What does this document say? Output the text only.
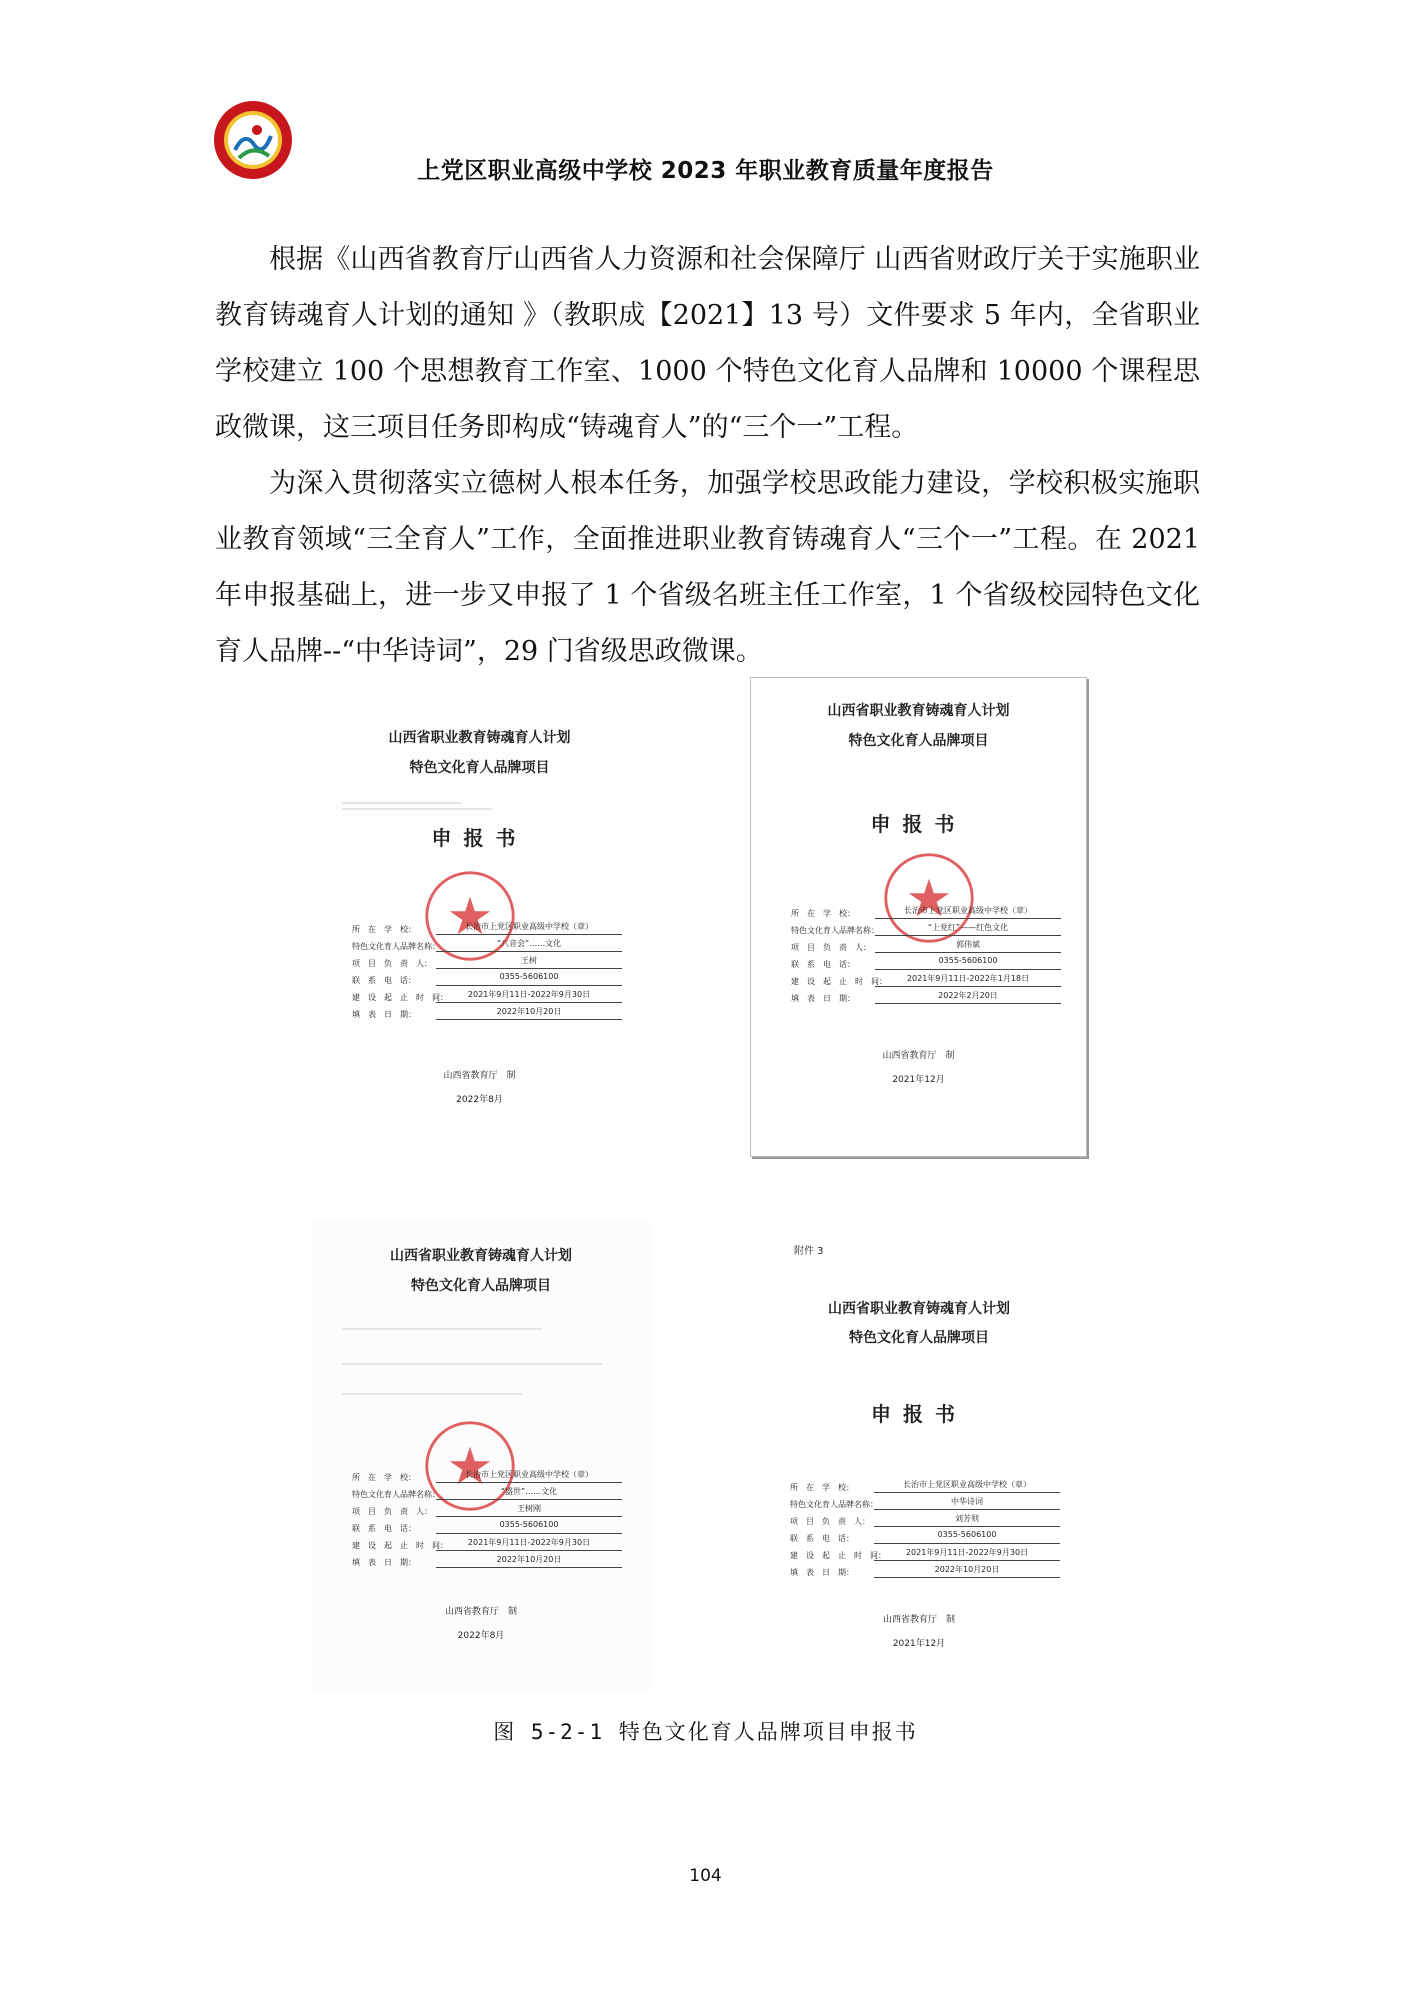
上党区职业高级中学校 2023 年职业教育质量年度报告

根据《山西省教育厅山西省人力资源和社会保障厅 山西省财政厅关于实施职业教育铸魂育人计划的通知 》（教职成【2021】13 号）文件要求 5 年内，全省职业学校建立 100 个思想教育工作室、1000 个特色文化育人品牌和 10000 个课程思政微课，这三项目任务即构成“铸魂育人”的“三个一”工程。

为深入贯彻落实立德树人根本任务，加强学校思政能力建设，学校积极实施职业教育领域“三全育人”工作，全面推进职业教育铸魂育人“三个一”工程。在 2021 年申报基础上，进一步又申报了 1 个省级名班主任工作室，1 个省级校园特色文化育人品牌--“中华诗词”，29 门省级思政微课。

山西省职业教育铸魂育人计划
特色文化育人品牌项目
申报书
所　在　学　校：	长治市上党区职业高级中学校（章）
特色文化育人品牌名称：	“八音会”……文化
项　目　负　责　人：	王树
联　系　电　话：	0355-5606100
建　设　起　止　时　间：	2021年9月11日-2022年9月30日
填　表　日　期：	2022年10月20日
山西省教育厅　制
2022年8月
山西省职业教育铸魂育人计划
特色文化育人品牌项目
申报书
所　在　学　校：	长治市上党区职业高级中学校（章）
特色文化育人品牌名称：	“上党红”——红色文化
项　目　负　责　人：	郭伟斌
联　系　电　话：	0355-5606100
建　设　起　止　时　间：	2021年9月11日-2022年1月18日
填　表　日　期：	2022年2月20日
山西省教育厅　制
2021年12月
山西省职业教育铸魂育人计划
特色文化育人品牌项目
所　在　学　校：	长治市上党区职业高级中学校（章）
特色文化育人品牌名称：	“盛世”……文化
项　目　负　责　人：	王树刚
联　系　电　话：	0355-5606100
建　设　起　止　时　间：	2021年9月11日-2022年9月30日
填　表　日　期：	2022年10月20日
山西省教育厅　制
2022年8月
附件 3
山西省职业教育铸魂育人计划
特色文化育人品牌项目
申报书
所　在　学　校：	长治市上党区职业高级中学校（章）
特色文化育人品牌名称：	中华诗词
项　目　负　责　人：	刘芳则
联　系　电　话：	0355-5606100
建　设　起　止　时　间：	2021年9月11日-2022年9月30日
填　表　日　期：	2022年10月20日
山西省教育厅　制
2021年12月
图 5-2-1 特色文化育人品牌项目申报书
104
